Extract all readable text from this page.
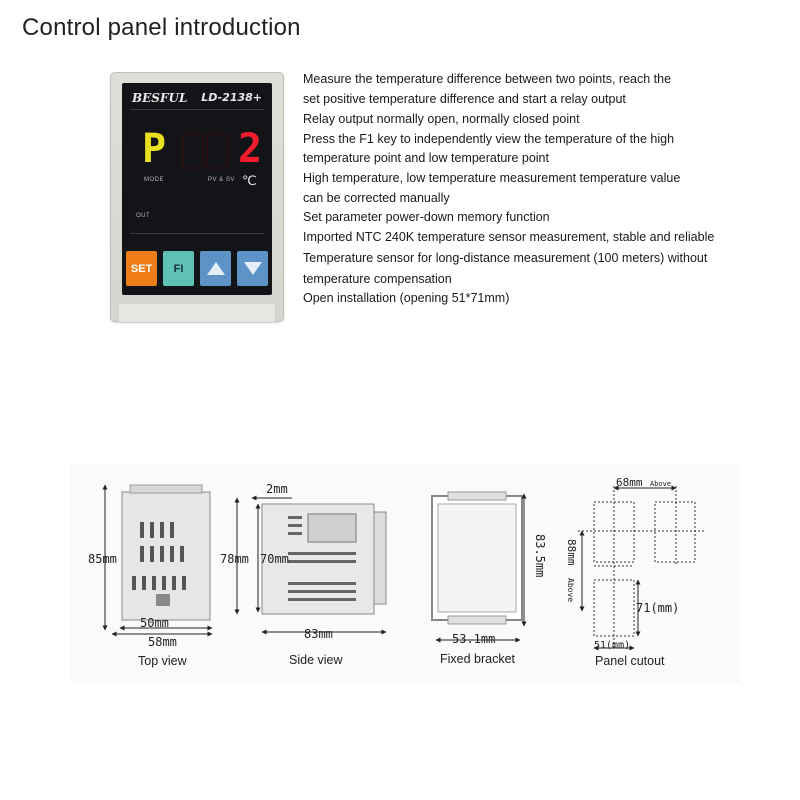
Control panel introduction
BESFUL LD-2138+
P 2
℃
MODE	PV & SV
OUT
SET	FI
Measure the temperature difference between two points, reach the
set positive temperature difference and start a relay output
Relay output normally open, normally closed point
Press the F1 key to independently view the temperature of the high
temperature point and low temperature point
High temperature, low temperature measurement temperature value
can be corrected manually
Set parameter power-down memory function
Imported NTC 240K temperature sensor measurement, stable and reliable
Temperature sensor for long-distance measurement (100 meters) without
temperature compensation
Open installation (opening 51*71mm)
85mm
50mm
58mm
2mm
78mm 70mm
83mm
83.5mm
53.1mm
68mm Above
88mm
Above
71(mm)
51(mm)
Top view	Side view	Fixed bracket	Panel cutout
